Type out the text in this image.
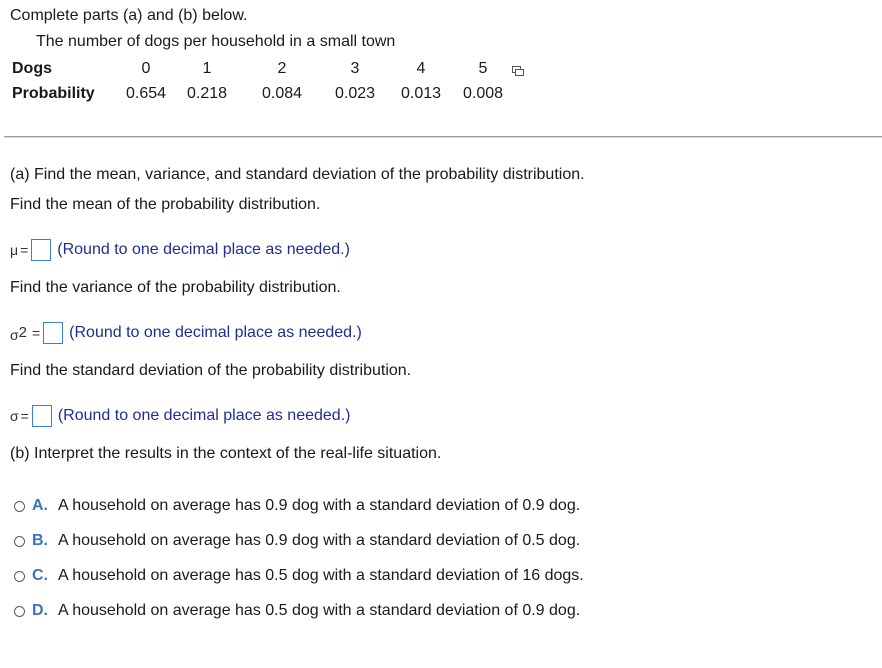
Complete parts (a) and (b) below.
The number of dogs per household in a small town
Dogs	0	1	2	3	4	5
Probability	0.654	0.218	0.084	0.023	0.013	0.008
(a) Find the mean, variance, and standard deviation of the probability distribution.
Find the mean of the probability distribution.
μ = (Round to one decimal place as needed.)
Find the variance of the probability distribution.
$\sigma^2$ = (Round to one decimal place as needed.)
Find the standard deviation of the probability distribution.
σ = (Round to one decimal place as needed.)
(b) Interpret the results in the context of the real-life situation.
A. A household on average has 0.9 dog with a standard deviation of 0.9 dog.
B. A household on average has 0.9 dog with a standard deviation of 0.5 dog.
C. A household on average has 0.5 dog with a standard deviation of 16 dogs.
D. A household on average has 0.5 dog with a standard deviation of 0.9 dog.
